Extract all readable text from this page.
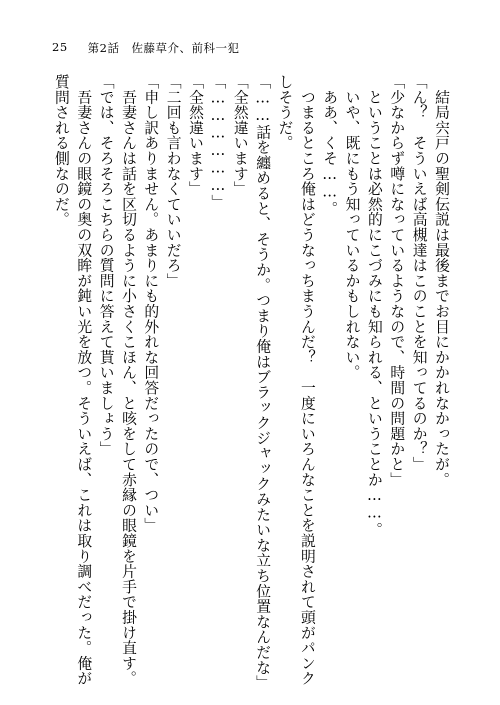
25 第2話　佐藤草介、前科一犯
　結局宍戸の聖剣伝説は最後までお目にかかれなかったが。
「ん？　そういえば高槻達はこのことを知ってるのか？」
「少なからず噂になっているようなので、時間の問題かと」
　ということは必然的にこづみにも知られる、ということか……。
　いや、既にもう知っているかもしれない。
　ああ、くそ……。
　つまるところ俺はどうなっちまうんだ？　一度にいろんなことを説明されて頭がパンク
しそうだ。
「……話を纏めると、そうか。つまり俺はブラックジャックみたいな立ち位置なんだな」
「全然違います」
「………………」
「全然違います」
「二回も言わなくていいだろ」
「申し訳ありません。あまりにも的外れな回答だったので、つい」
　吾妻さんは話を区切るように小さくこほん、と咳をして赤縁の眼鏡を片手で掛け直す。
「では、そろそろこちらの質問に答えて貰いましょう」
　吾妻さんの眼鏡の奥の双眸が鈍い光を放つ。そういえば、これは取り調べだった。俺が
質問される側なのだ。
